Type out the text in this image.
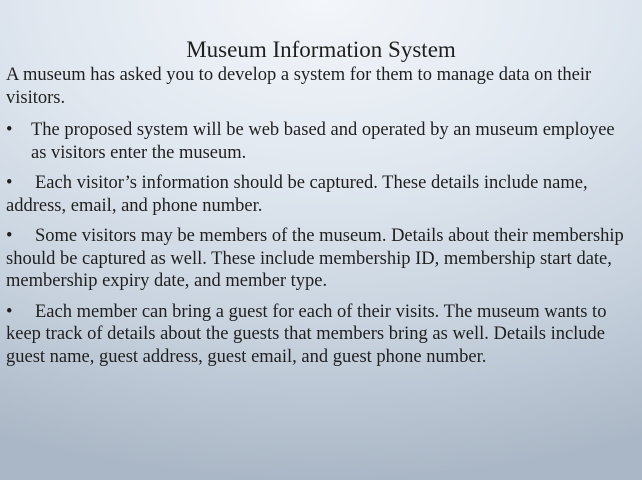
Museum Information System

A museum has asked you to develop a system for them to manage data on their visitors.

•	The proposed system will be web based and operated by an museum employee as visitors enter the museum.
• Each visitor’s information should be captured. These details include name, address, email, and phone number.
• Some visitors may be members of the museum. Details about their membership should be captured as well. These include membership ID, membership start date, membership expiry date, and member type.
• Each member can bring a guest for each of their visits. The museum wants to keep track of details about the guests that members bring as well. Details include guest name, guest address, guest email, and guest phone number.
